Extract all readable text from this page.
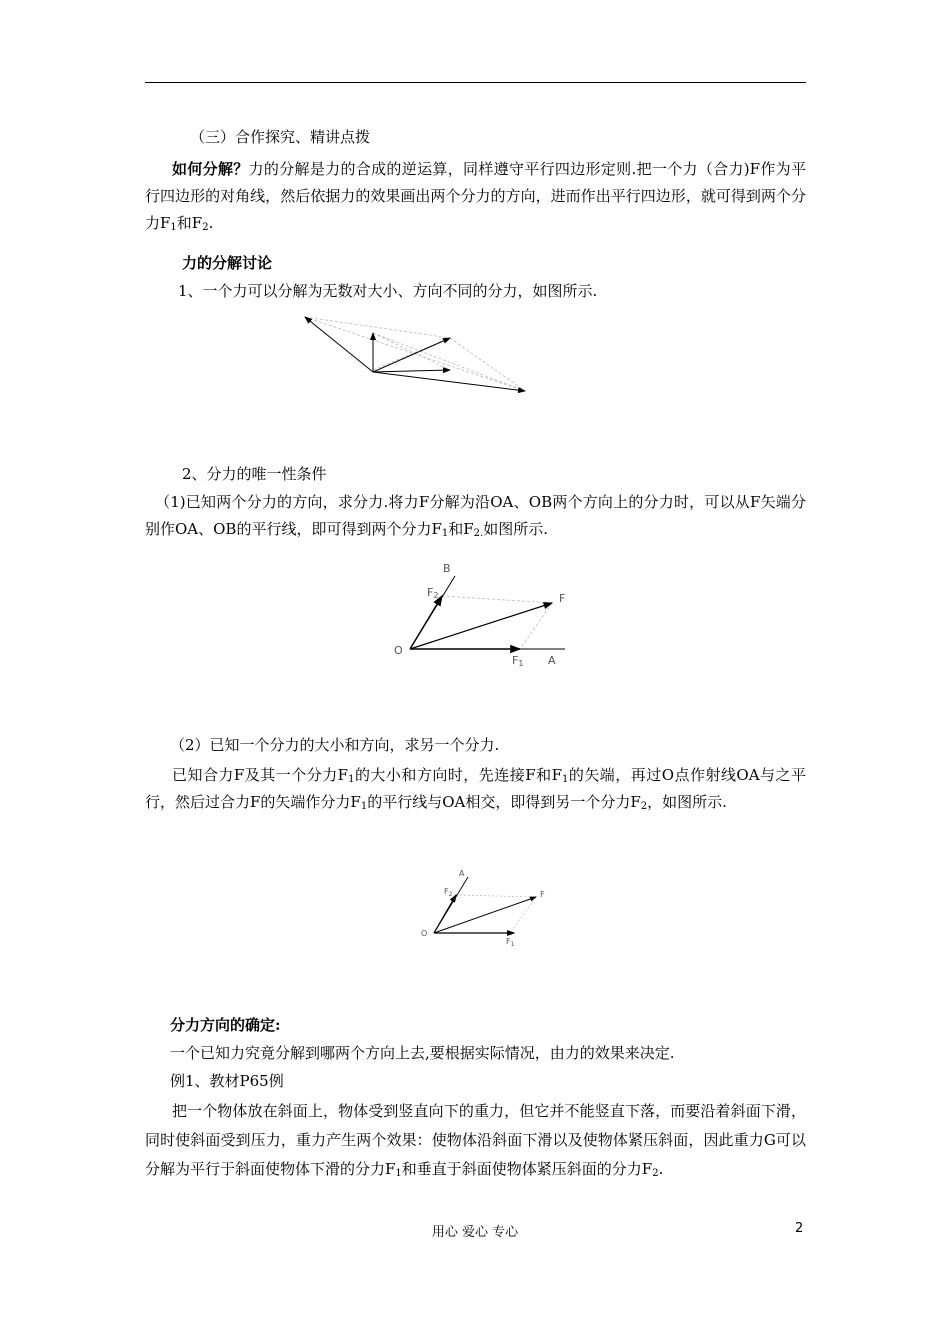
（三）合作探究、精讲点拨

如何分解？力的分解是力的合成的逆运算，同样遵守平行四边形定则.把一个力（合力)F作为平行四边形的对角线，然后依据力的效果画出两个分力的方向，进而作出平行四边形，就可得到两个分力$F_1$和$F_2$.

力的分解讨论

1、一个力可以分解为无数对大小、方向不同的分力，如图所示.

2、分力的唯一性条件

（1)已知两个分力的方向，求分力.将力F分解为沿OA、OB两个方向上的分力时，可以从F矢端分别作OA、OB的平行线，即可得到两个分力$F_1$和$F_{2.}$如图所示.

B
F2	F
O
F1 A

（2）已知一个分力的大小和方向，求另一个分力.

已知合力F及其一个分力$F_1$的大小和方向时，先连接F和$F_1$的矢端，再过O点作射线OA与之平行，然后过合力F的矢端作分力$F_1$的平行线与OA相交，即得到另一个分力$F_2$，如图所示.

A
$F_2$	F
O
$F_1$

分力方向的确定:

一个已知力究竟分解到哪两个方向上去,要根据实际情况，由力的效果来决定.

例1、教材P65例

把一个物体放在斜面上，物体受到竖直向下的重力，但它并不能竖直下落，而要沿着斜面下滑，同时使斜面受到压力，重力产生两个效果：使物体沿斜面下滑以及使物体紧压斜面，因此重力G可以分解为平行于斜面使物体下滑的分力$F_1$和垂直于斜面使物体紧压斜面的分力$F_2$.

用心 爱心 专心	2
